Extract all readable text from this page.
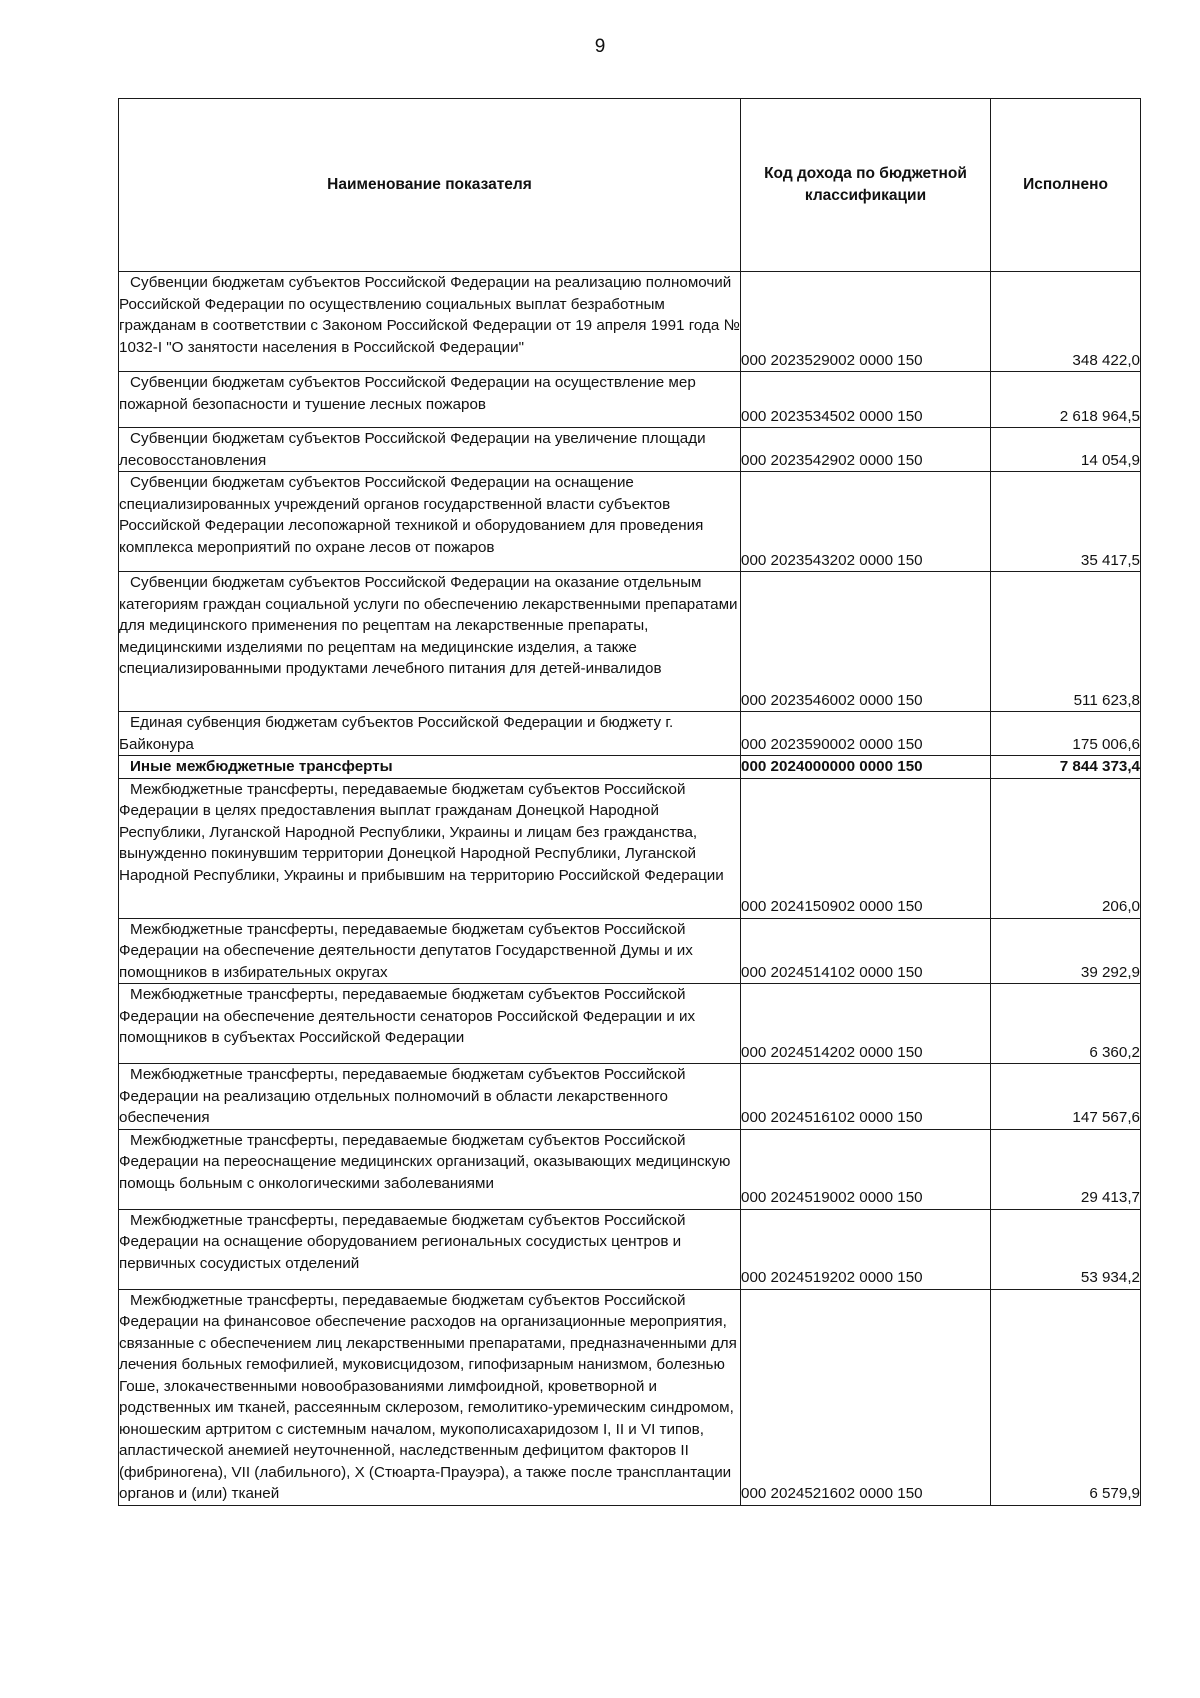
9
Наименование показателя	Код дохода по бюджетной классификации	Исполнено
Субвенции бюджетам субъектов Российской Федерации на реализацию полномочий Российской Федерации по осуществлению социальных выплат безработным гражданам в соответствии с Законом Российской Федерации от 19 апреля 1991 года № 1032-I "О занятости населения в Российской Федерации"	000 2023529002 0000 150	348 422,0
Субвенции бюджетам субъектов Российской Федерации на осуществление мер пожарной безопасности и тушение лесных пожаров	000 2023534502 0000 150	2 618 964,5
Субвенции бюджетам субъектов Российской Федерации на увеличение площади лесовосстановления	000 2023542902 0000 150	14 054,9
Субвенции бюджетам субъектов Российской Федерации на оснащение специализированных учреждений органов государственной власти субъектов Российской Федерации лесопожарной техникой и оборудованием для проведения комплекса мероприятий по охране лесов от пожаров	000 2023543202 0000 150	35 417,5
Субвенции бюджетам субъектов Российской Федерации на оказание отдельным категориям граждан социальной услуги по обеспечению лекарственными препаратами для медицинского применения по рецептам на лекарственные препараты, медицинскими изделиями по рецептам на медицинские изделия, а также специализированными продуктами лечебного питания для детей-инвалидов	000 2023546002 0000 150	511 623,8
Единая субвенция бюджетам субъектов Российской Федерации и бюджету г. Байконура	000 2023590002 0000 150	175 006,6
Иные межбюджетные трансферты	000 2024000000 0000 150	7 844 373,4
Межбюджетные трансферты, передаваемые бюджетам субъектов Российской Федерации в целях предоставления выплат гражданам Донецкой Народной Республики, Луганской Народной Республики, Украины и лицам без гражданства, вынужденно покинувшим территории Донецкой Народной Республики, Луганской Народной Республики, Украины и прибывшим на территорию Российской Федерации	000 2024150902 0000 150	206,0
Межбюджетные трансферты, передаваемые бюджетам субъектов Российской Федерации на обеспечение деятельности депутатов Государственной Думы и их помощников в избирательных округах	000 2024514102 0000 150	39 292,9
Межбюджетные трансферты, передаваемые бюджетам субъектов Российской Федерации на обеспечение деятельности сенаторов Российской Федерации и их помощников в субъектах Российской Федерации	000 2024514202 0000 150	6 360,2
Межбюджетные трансферты, передаваемые бюджетам субъектов Российской Федерации на реализацию отдельных полномочий в области лекарственного обеспечения	000 2024516102 0000 150	147 567,6
Межбюджетные трансферты, передаваемые бюджетам субъектов Российской Федерации на переоснащение медицинских организаций, оказывающих медицинскую помощь больным с онкологическими заболеваниями	000 2024519002 0000 150	29 413,7
Межбюджетные трансферты, передаваемые бюджетам субъектов Российской Федерации на оснащение оборудованием региональных сосудистых центров и первичных сосудистых отделений	000 2024519202 0000 150	53 934,2
Межбюджетные трансферты, передаваемые бюджетам субъектов Российской Федерации на финансовое обеспечение расходов на организационные мероприятия, связанные с обеспечением лиц лекарственными препаратами, предназначенными для лечения больных гемофилией, муковисцидозом, гипофизарным нанизмом, болезнью Гоше, злокачественными новообразованиями лимфоидной, кроветворной и родственных им тканей, рассеянным склерозом, гемолитико-уремическим синдромом, юношеским артритом с системным началом, мукополисахаридозом I, II и VI типов, апластической анемией неуточненной, наследственным дефицитом факторов II (фибриногена), VII (лабильного), X (Стюарта-Прауэра), а также после трансплантации органов и (или) тканей	000 2024521602 0000 150	6 579,9
